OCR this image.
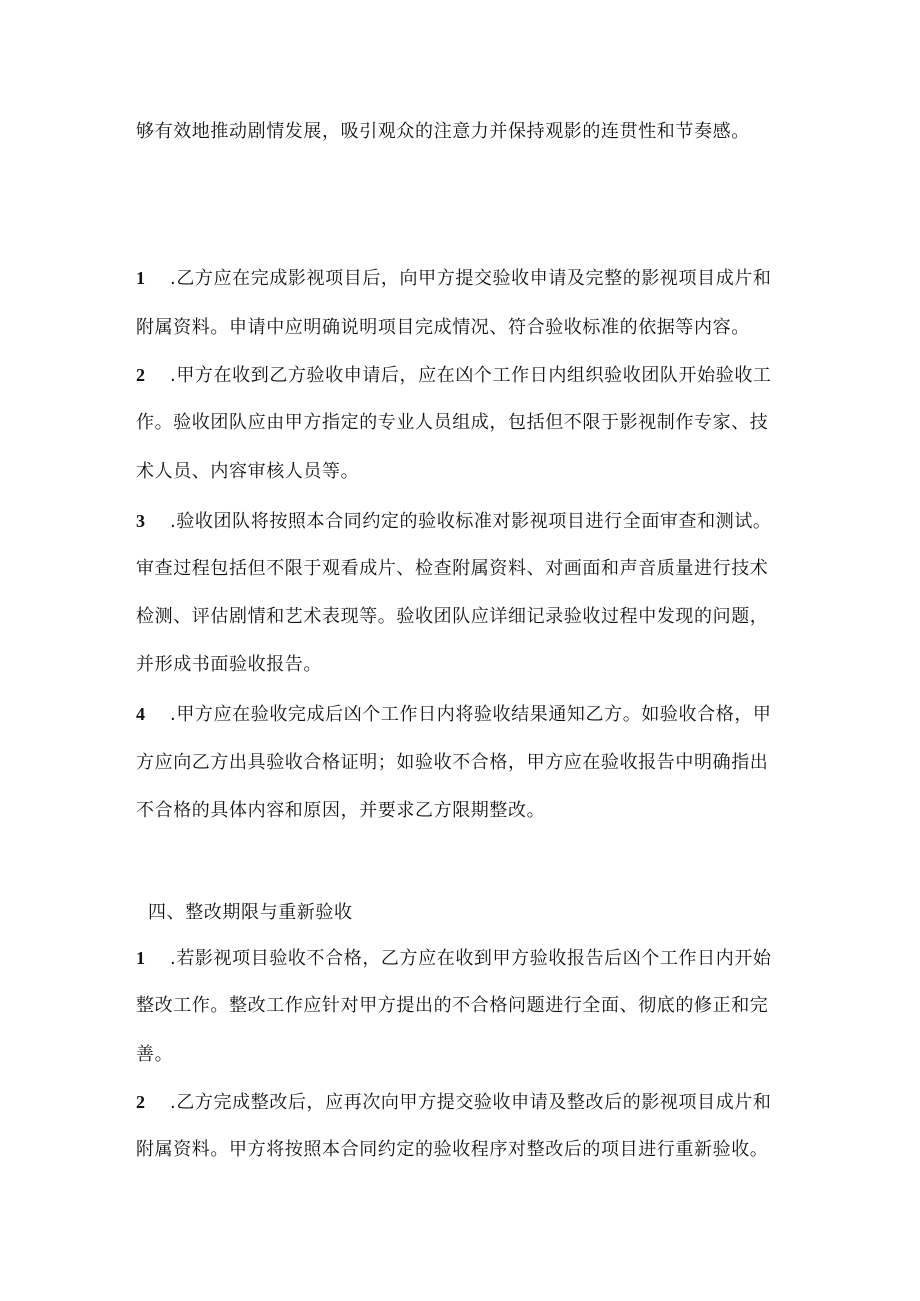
够有效地推动剧情发展，吸引观众的注意力并保持观影的连贯性和节奏感。
1 .乙方应在完成影视项目后，向甲方提交验收申请及完整的影视项目成片和
附属资料。申请中应明确说明项目完成情况、符合验收标准的依据等内容。
2 .甲方在收到乙方验收申请后，应在凶个工作日内组织验收团队开始验收工
作。验收团队应由甲方指定的专业人员组成，包括但不限于影视制作专家、技
术人员、内容审核人员等。
3 .验收团队将按照本合同约定的验收标准对影视项目进行全面审查和测试。
审查过程包括但不限于观看成片、检查附属资料、对画面和声音质量进行技术
检测、评估剧情和艺术表现等。验收团队应详细记录验收过程中发现的问题，
并形成书面验收报告。
4 .甲方应在验收完成后凶个工作日内将验收结果通知乙方。如验收合格，甲
方应向乙方出具验收合格证明；如验收不合格，甲方应在验收报告中明确指出
不合格的具体内容和原因，并要求乙方限期整改。
四、整改期限与重新验收
1 .若影视项目验收不合格，乙方应在收到甲方验收报告后凶个工作日内开始
整改工作。整改工作应针对甲方提出的不合格问题进行全面、彻底的修正和完
善。
2 .乙方完成整改后，应再次向甲方提交验收申请及整改后的影视项目成片和
附属资料。甲方将按照本合同约定的验收程序对整改后的项目进行重新验收。
